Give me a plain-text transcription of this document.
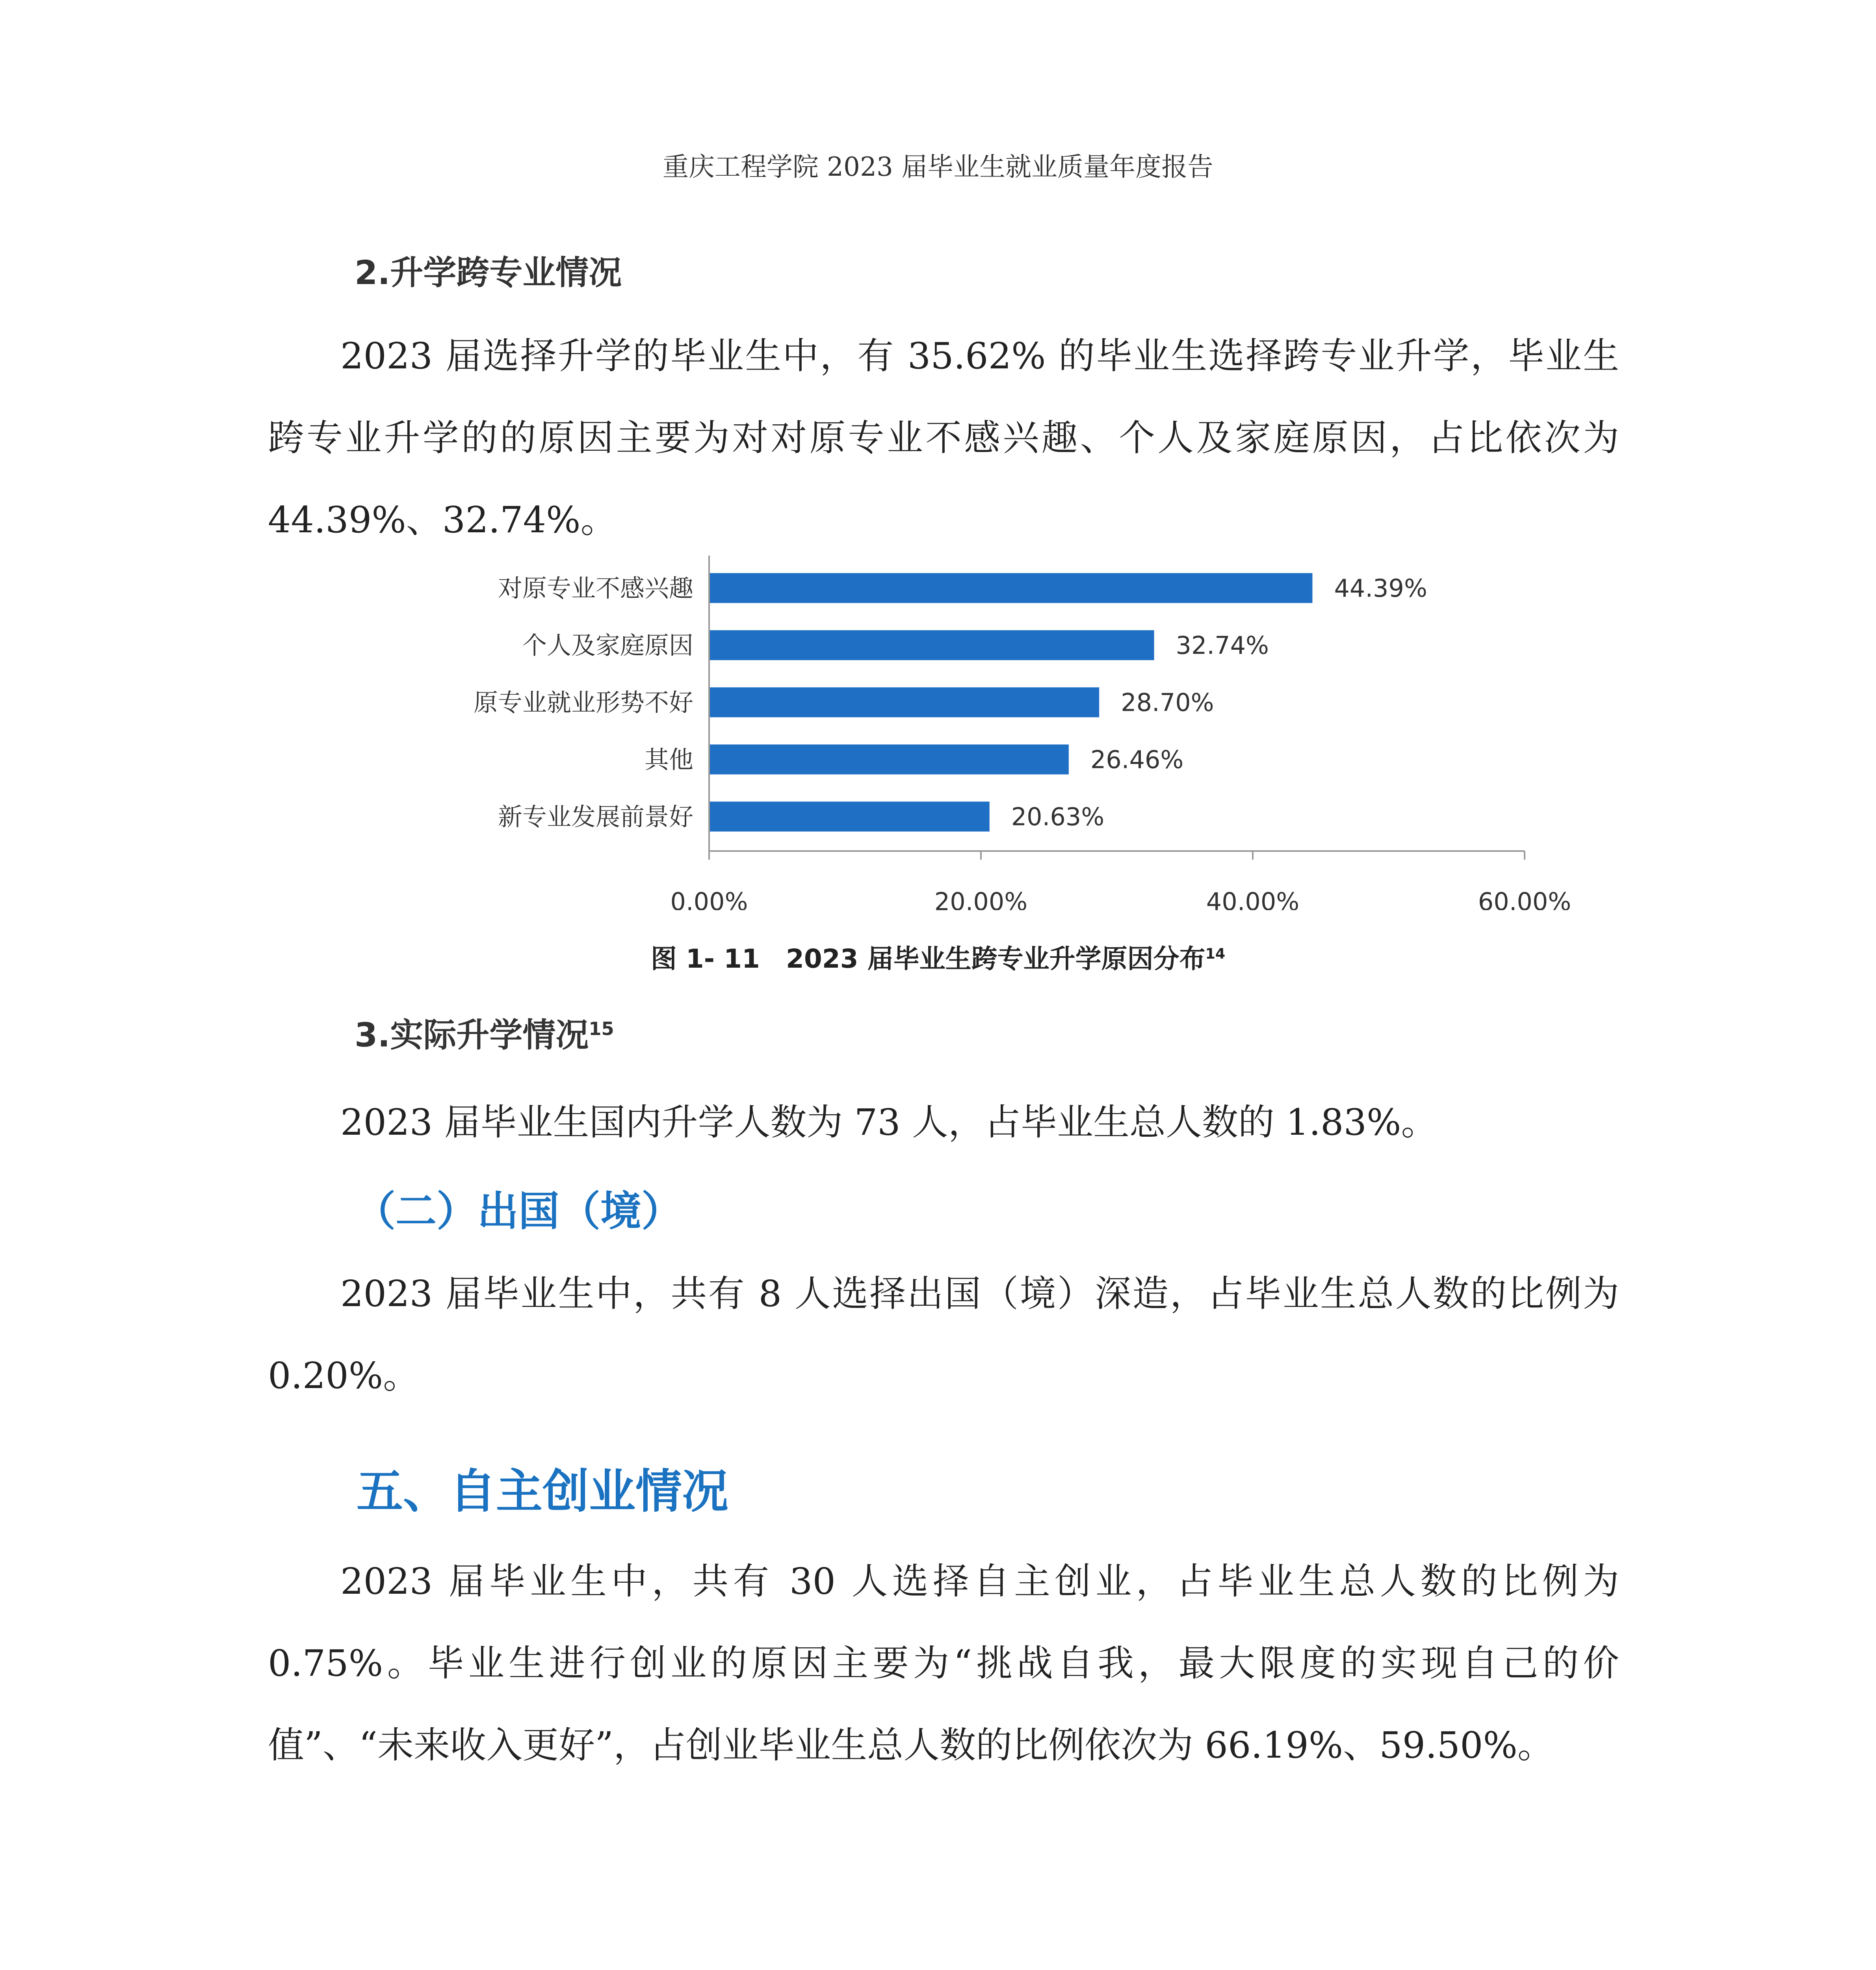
重庆工程学院 2023 届毕业生就业质量年度报告
2.升学跨专业情况
2023 届选择升学的毕业生中，有 35.62% 的毕业生选择跨专业升学，毕业生跨专业升学的的原因主要为对对原专业不感兴趣、个人及家庭原因，占比依次为 44.39%、32.74%。
对原专业不感兴趣	44.39%
个人及家庭原因	32.74%
原专业就业形势不好	28.70%
其他	26.46%
新专业发展前景好	20.63%
0.00%	20.00%	40.00%	60.00%
图 1- 11　2023 届毕业生跨专业升学原因分布$^{14}$
3.实际升学情况$^{15}$
2023 届毕业生国内升学人数为 73 人，占毕业生总人数的 1.83%。
（二）出国（境）
2023 届毕业生中，共有 8 人选择出国（境）深造，占毕业生总人数的比例为 0.20%。
五、自主创业情况
2023 届毕业生中，共有 30 人选择自主创业，占毕业生总人数的比例为 0.75%。毕业生进行创业的原因主要为“挑战自我，最大限度的实现自己的价值”、“未来收入更好”，占创业毕业生总人数的比例依次为 66.19%、59.50%。
